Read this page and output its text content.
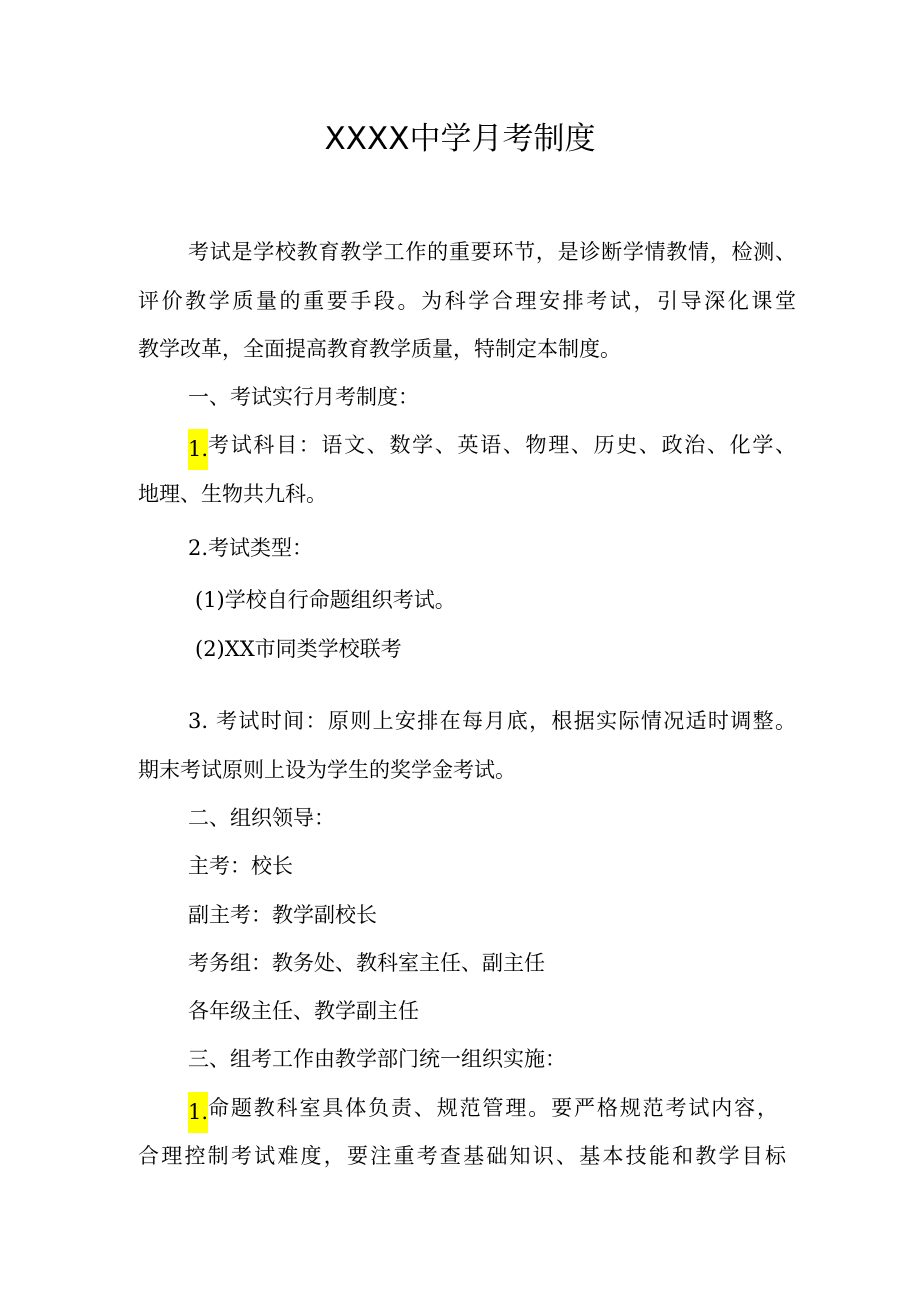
XXXX中学月考制度
考试是学校教育教学工作的重要环节，是诊断学情教情，检测、
评价教学质量的重要手段。为科学合理安排考试，引导深化课堂
教学改革，全面提高教育教学质量，特制定本制度。
一、考试实行月考制度：
1. 考试科目：语文、数学、英语、物理、历史、政治、化学、
地理、生物共九科。
2.考试类型：
(1)学校自行命题组织考试。
(2)XX市同类学校联考
3. 考试时间：原则上安排在每月底，根据实际情况适时调整。
期末考试原则上设为学生的奖学金考试。
二、组织领导：
主考：校长
副主考：教学副校长
考务组：教务处、教科室主任、副主任
各年级主任、教学副主任
三、组考工作由教学部门统一组织实施：
1. 命题教科室具体负责、规范管理。要严格规范考试内容，
合理控制考试难度，要注重考查基础知识、基本技能和教学目标
